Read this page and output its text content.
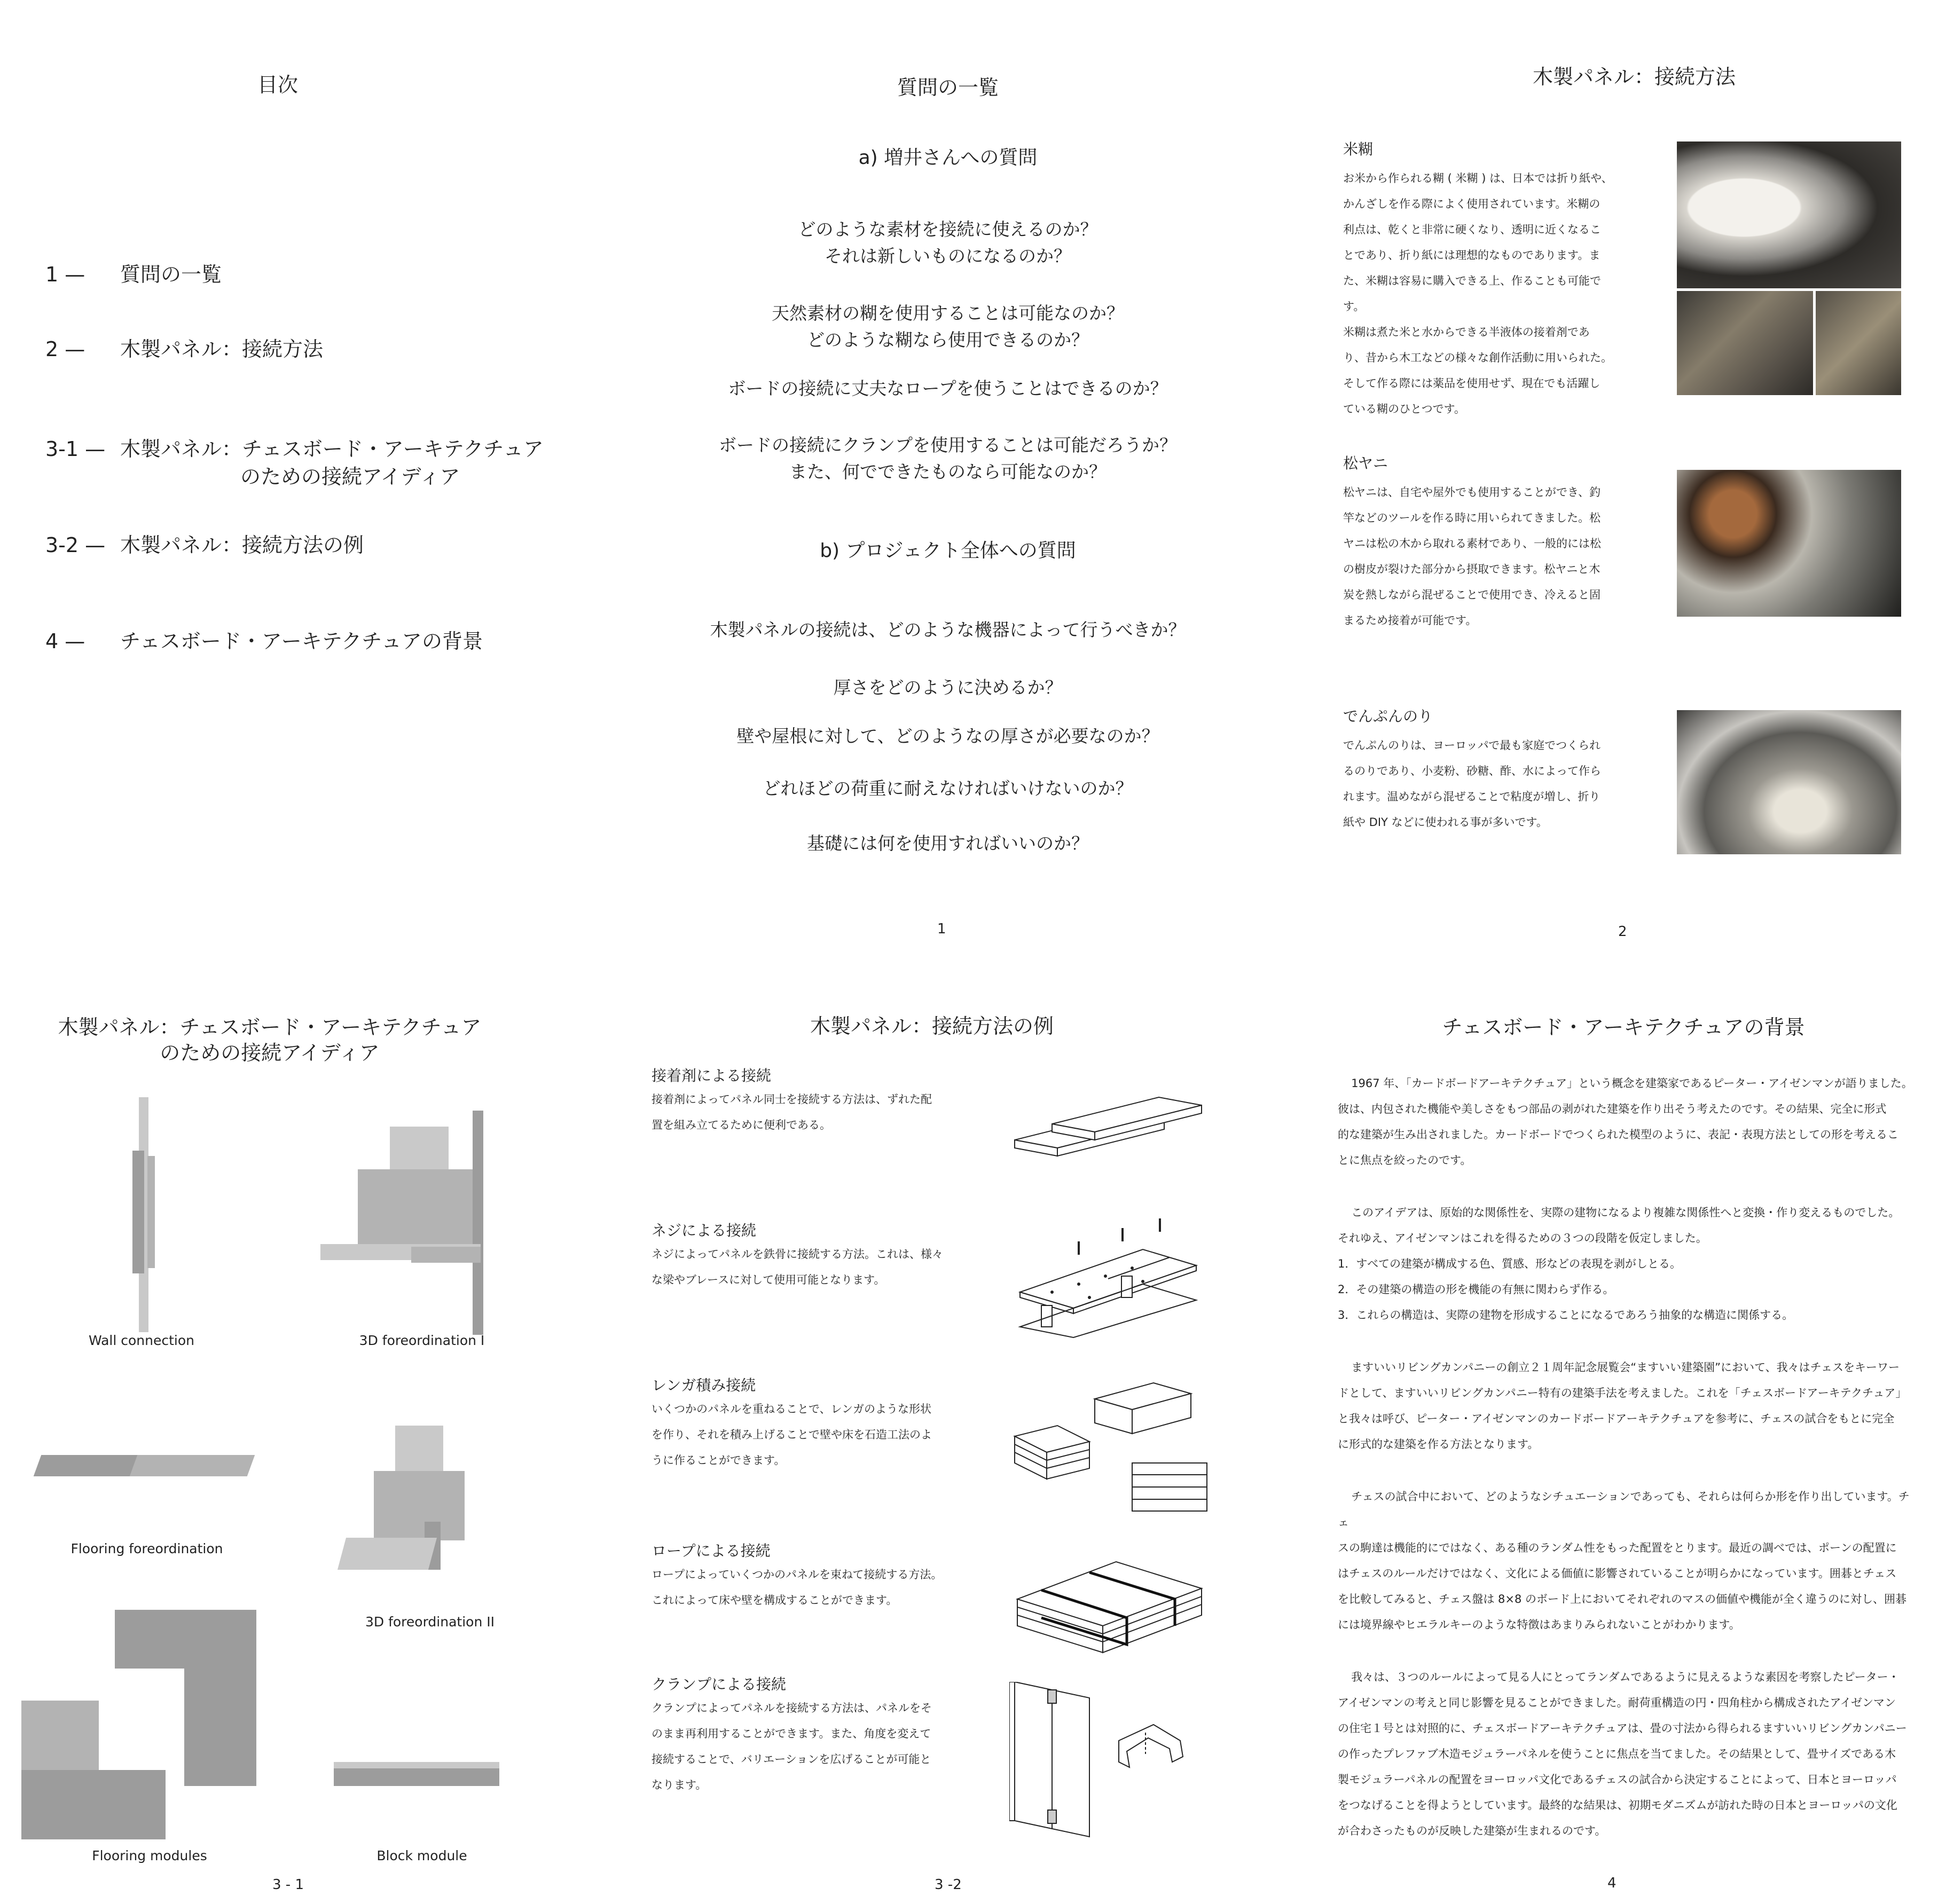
目次
1 —	質問の一覧
2 —	木製パネル：接続方法
3-1 — 木製パネル：チェスボード・アーキテクチュア
のための接続アイディア
3-2 — 木製パネル：接続方法の例
4 —	チェスボード・アーキテクチュアの背景
質問の一覧
a) 増井さんへの質問
どのような素材を接続に使えるのか？
それは新しいものになるのか？
天然素材の糊を使用することは可能なのか？
どのような糊なら使用できるのか？
ボードの接続に丈夫なロープを使うことはできるのか？
ボードの接続にクランプを使用することは可能だろうか？
また、何でできたものなら可能なのか？
b) プロジェクト全体への質問
木製パネルの接続は、どのような機器によって行うべきか？
厚さをどのように決めるか？
壁や屋根に対して、どのようなの厚さが必要なのか？
どれほどの荷重に耐えなければいけないのか？
基礎には何を使用すればいいのか？
1
木製パネル：接続方法
米糊
お米から作られる糊 ( 米糊 ) は、日本では折り紙や、
かんざしを作る際によく使用されています。米糊の
利点は、乾くと非常に硬くなり、透明に近くなるこ
とであり、折り紙には理想的なものであります。ま
た、米糊は容易に購入できる上、作ることも可能で
す。
米糊は煮た米と水からできる半液体の接着剤であ
り、昔から木工などの様々な創作活動に用いられた。
そして作る際には薬品を使用せず、現在でも活躍し
ている糊のひとつです。
松ヤニ
松ヤニは、自宅や屋外でも使用することができ、釣
竿などのツールを作る時に用いられてきました。松
ヤニは松の木から取れる素材であり、一般的には松
の樹皮が裂けた部分から摂取できます。松ヤニと木
炭を熱しながら混ぜることで使用でき、冷えると固
まるため接着が可能です。
でんぷんのり
でんぷんのりは、ヨーロッパで最も家庭でつくられ
るのりであり、小麦粉、砂糖、酢、水によって作ら
れます。温めながら混ぜることで粘度が増し、折り
紙や DIY などに使われる事が多いです。
2
木製パネル：チェスボード・アーキテクチュア
のための接続アイディア
Wall connection	3D foreordination I
Flooring foreordination
3D foreordination II
Flooring modules	Block module
3 - 1
木製パネル：接続方法の例
接着剤による接続
接着剤によってパネル同士を接続する方法は、ずれた配
置を組み立てるために便利である。
ネジによる接続
ネジによってパネルを鉄骨に接続する方法。これは、様々
な梁やブレースに対して使用可能となります。
レンガ積み接続
いくつかのパネルを重ねることで、レンガのような形状
を作り、それを積み上げることで壁や床を石造工法のよ
うに作ることができます。
ロープによる接続
ロープによっていくつかのパネルを束ねて接続する方法。
これによって床や壁を構成することができます。
クランプによる接続
クランプによってパネルを接続する方法は、パネルをそ
のまま再利用することができます。また、角度を変えて
接続することで、バリエーションを広げることが可能と
なります。
3 -2
チェスボード・アーキテクチュアの背景

1967 年、「カードボードアーキテクチュア」という概念を建築家であるピーター・アイゼンマンが語りました。

彼は、内包された機能や美しさをもつ部品の剥がれた建築を作り出そう考えたのです。その結果、完全に形式

的な建築が生み出されました。カードボードでつくられた模型のように、表記・表現方法としての形を考えるこ

とに焦点を絞ったのです。

このアイデアは、原始的な関係性を、実際の建物になるより複雑な関係性へと変換・作り変えるものでした。

それゆえ、アイゼンマンはこれを得るための３つの段階を仮定しました。

1．すべての建築が構成する色、質感、形などの表現を剥がしとる。

2．その建築の構造の形を機能の有無に関わらず作る。

3．これらの構造は、実際の建物を形成することになるであろう抽象的な構造に関係する。

ますいいリビングカンパニーの創立２１周年記念展覧会“ますいい建築園”において、我々はチェスをキーワー

ドとして、ますいいリビングカンパニー特有の建築手法を考えました。これを「チェスボードアーキテクチュア」

と我々は呼び、ピーター・アイゼンマンのカードボードアーキテクチュアを参考に、チェスの試合をもとに完全

に形式的な建築を作る方法となります。

チェスの試合中において、どのようなシチュエーションであっても、それらは何らか形を作り出しています。チェ

スの駒達は機能的にではなく、ある種のランダム性をもった配置をとります。最近の調べでは、ポーンの配置に

はチェスのルールだけではなく、文化による価値に影響されていることが明らかになっています。囲碁とチェス

を比較してみると、チェス盤は 8×8 のボード上においてそれぞれのマスの価値や機能が全く違うのに対し、囲碁

には境界線やヒエラルキーのような特徴はあまりみられないことがわかります。

我々は、３つのルールによって見る人にとってランダムであるように見えるような素因を考察したピーター・

アイゼンマンの考えと同じ影響を見ることができました。耐荷重構造の円・四角柱から構成されたアイゼンマン

の住宅１号とは対照的に、チェスボードアーキテクチュアは、畳の寸法から得られるますいいリビングカンパニー

の作ったプレファブ木造モジュラーパネルを使うことに焦点を当てました。その結果として、畳サイズである木

製モジュラーパネルの配置をヨーロッパ文化であるチェスの試合から決定することによって、日本とヨーロッパ

をつなげることを得ようとしています。最終的な結果は、初期モダニズムが訪れた時の日本とヨーロッパの文化

が合わさったものが反映した建築が生まれるのです。

4
